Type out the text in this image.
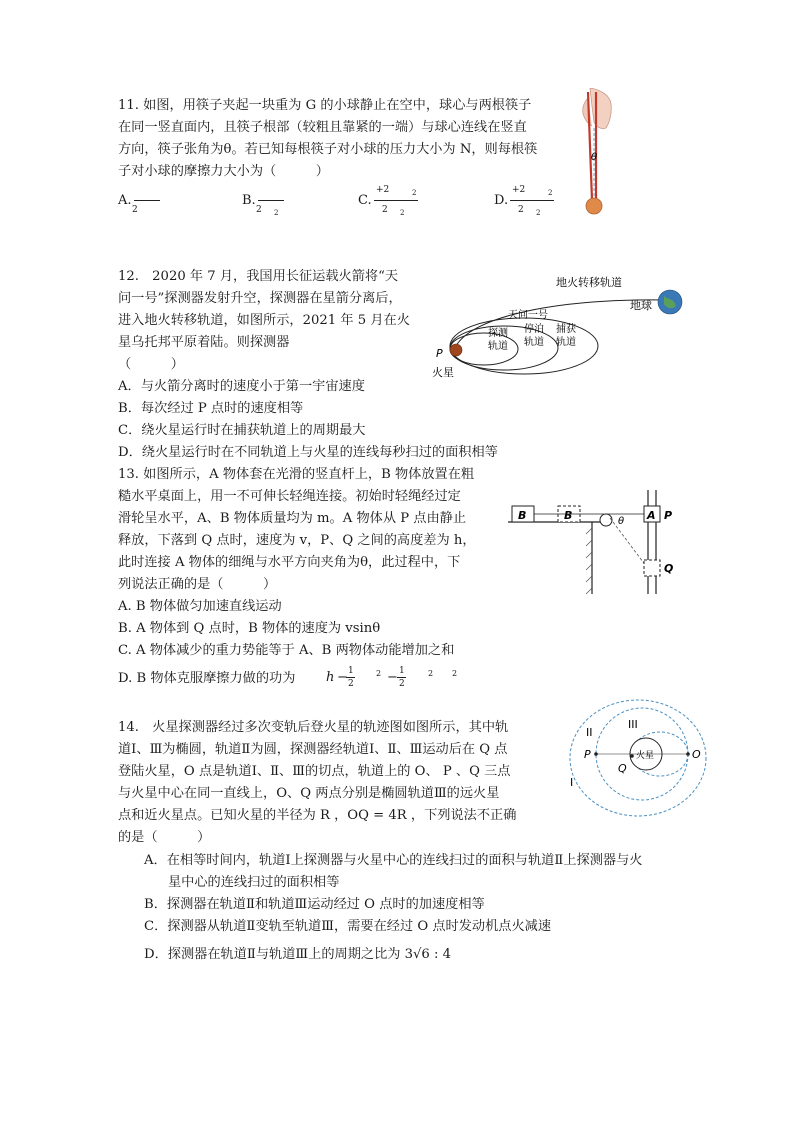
11. 如图，用筷子夹起一块重为 G 的小球静止在空中，球心与两根筷子
在同一竖直面内，且筷子根部（较粗且靠紧的一端）与球心连线在竖直
方向，筷子张角为θ。若已知每根筷子对小球的压力大小为 N，则每根筷
子对小球的摩擦力大小为（　　　）
A.
2
B.
2 2
C.
+2	2
2 2
D.
+2	2
2 2
θ
12.　2020 年 7 月，我国用长征运载火箭将“天
问一号”探测器发射升空，探测器在星箭分离后，
进入地火转移轨道，如图所示，2021 年 5 月在火
星乌托邦平原着陆。则探测器
（　　　）
A．与火箭分离时的速度小于第一宇宙速度
B．每次经过 P 点时的速度相等
C．绕火星运行时在捕获轨道上的周期最大
D．绕火星运行时在不同轨道上与火星的连线每秒扫过的面积相等
地火转移轨道
地球
天问一号
探测
轨道
停泊
轨道
捕获
轨道
P
火星
13. 如图所示，A 物体套在光滑的竖直杆上，B 物体放置在粗
糙水平桌面上，用一不可伸长轻绳连接。初始时轻绳经过定
滑轮呈水平，A、B 物体质量均为 m。A 物体从 P 点由静止
释放，下落到 Q 点时，速度为 v，P、Q 之间的高度差为 h，
此时连接 A 物体的细绳与水平方向夹角为θ，此过程中，下
列说法正确的是（　　　）
A. B 物体做匀加速直线运动
B. A 物体到 Q 点时，B 物体的速度为 vsinθ
C. A 物体减少的重力势能等于 A、B 两物体动能增加之和
D. B 物体克服摩擦力做的功为 h − 1
2
2 − 1
2
2 2
B	B	θ A P
Q
14.　火星探测器经过多次变轨后登火星的轨迹图如图所示，其中轨
道Ⅰ、Ⅲ为椭圆，轨道Ⅱ为圆，探测器经轨道Ⅰ、Ⅱ、Ⅲ运动后在 Q 点
登陆火星，O 点是轨道Ⅰ、Ⅱ、Ⅲ的切点，轨道上的 O、 P 、Q 三点
与火星中心在同一直线上，O、Q 两点分别是椭圆轨道Ⅲ的远火星
点和近火星点。已知火星的半径为 R ，OQ = 4R ，下列说法不正确
的是（　　　）
A．在相等时间内，轨道Ⅰ上探测器与火星中心的连线扫过的面积与轨道Ⅱ上探测器与火
星中心的连线扫过的面积相等
B．探测器在轨道Ⅱ和轨道Ⅲ运动经过 O 点时的加速度相等
C．探测器从轨道Ⅱ变轨至轨道Ⅲ，需要在经过 O 点时发动机点火减速
D．探测器在轨道Ⅱ与轨道Ⅲ上的周期之比为 3√6 : 4
火星
II
III
I
P
Q
O
